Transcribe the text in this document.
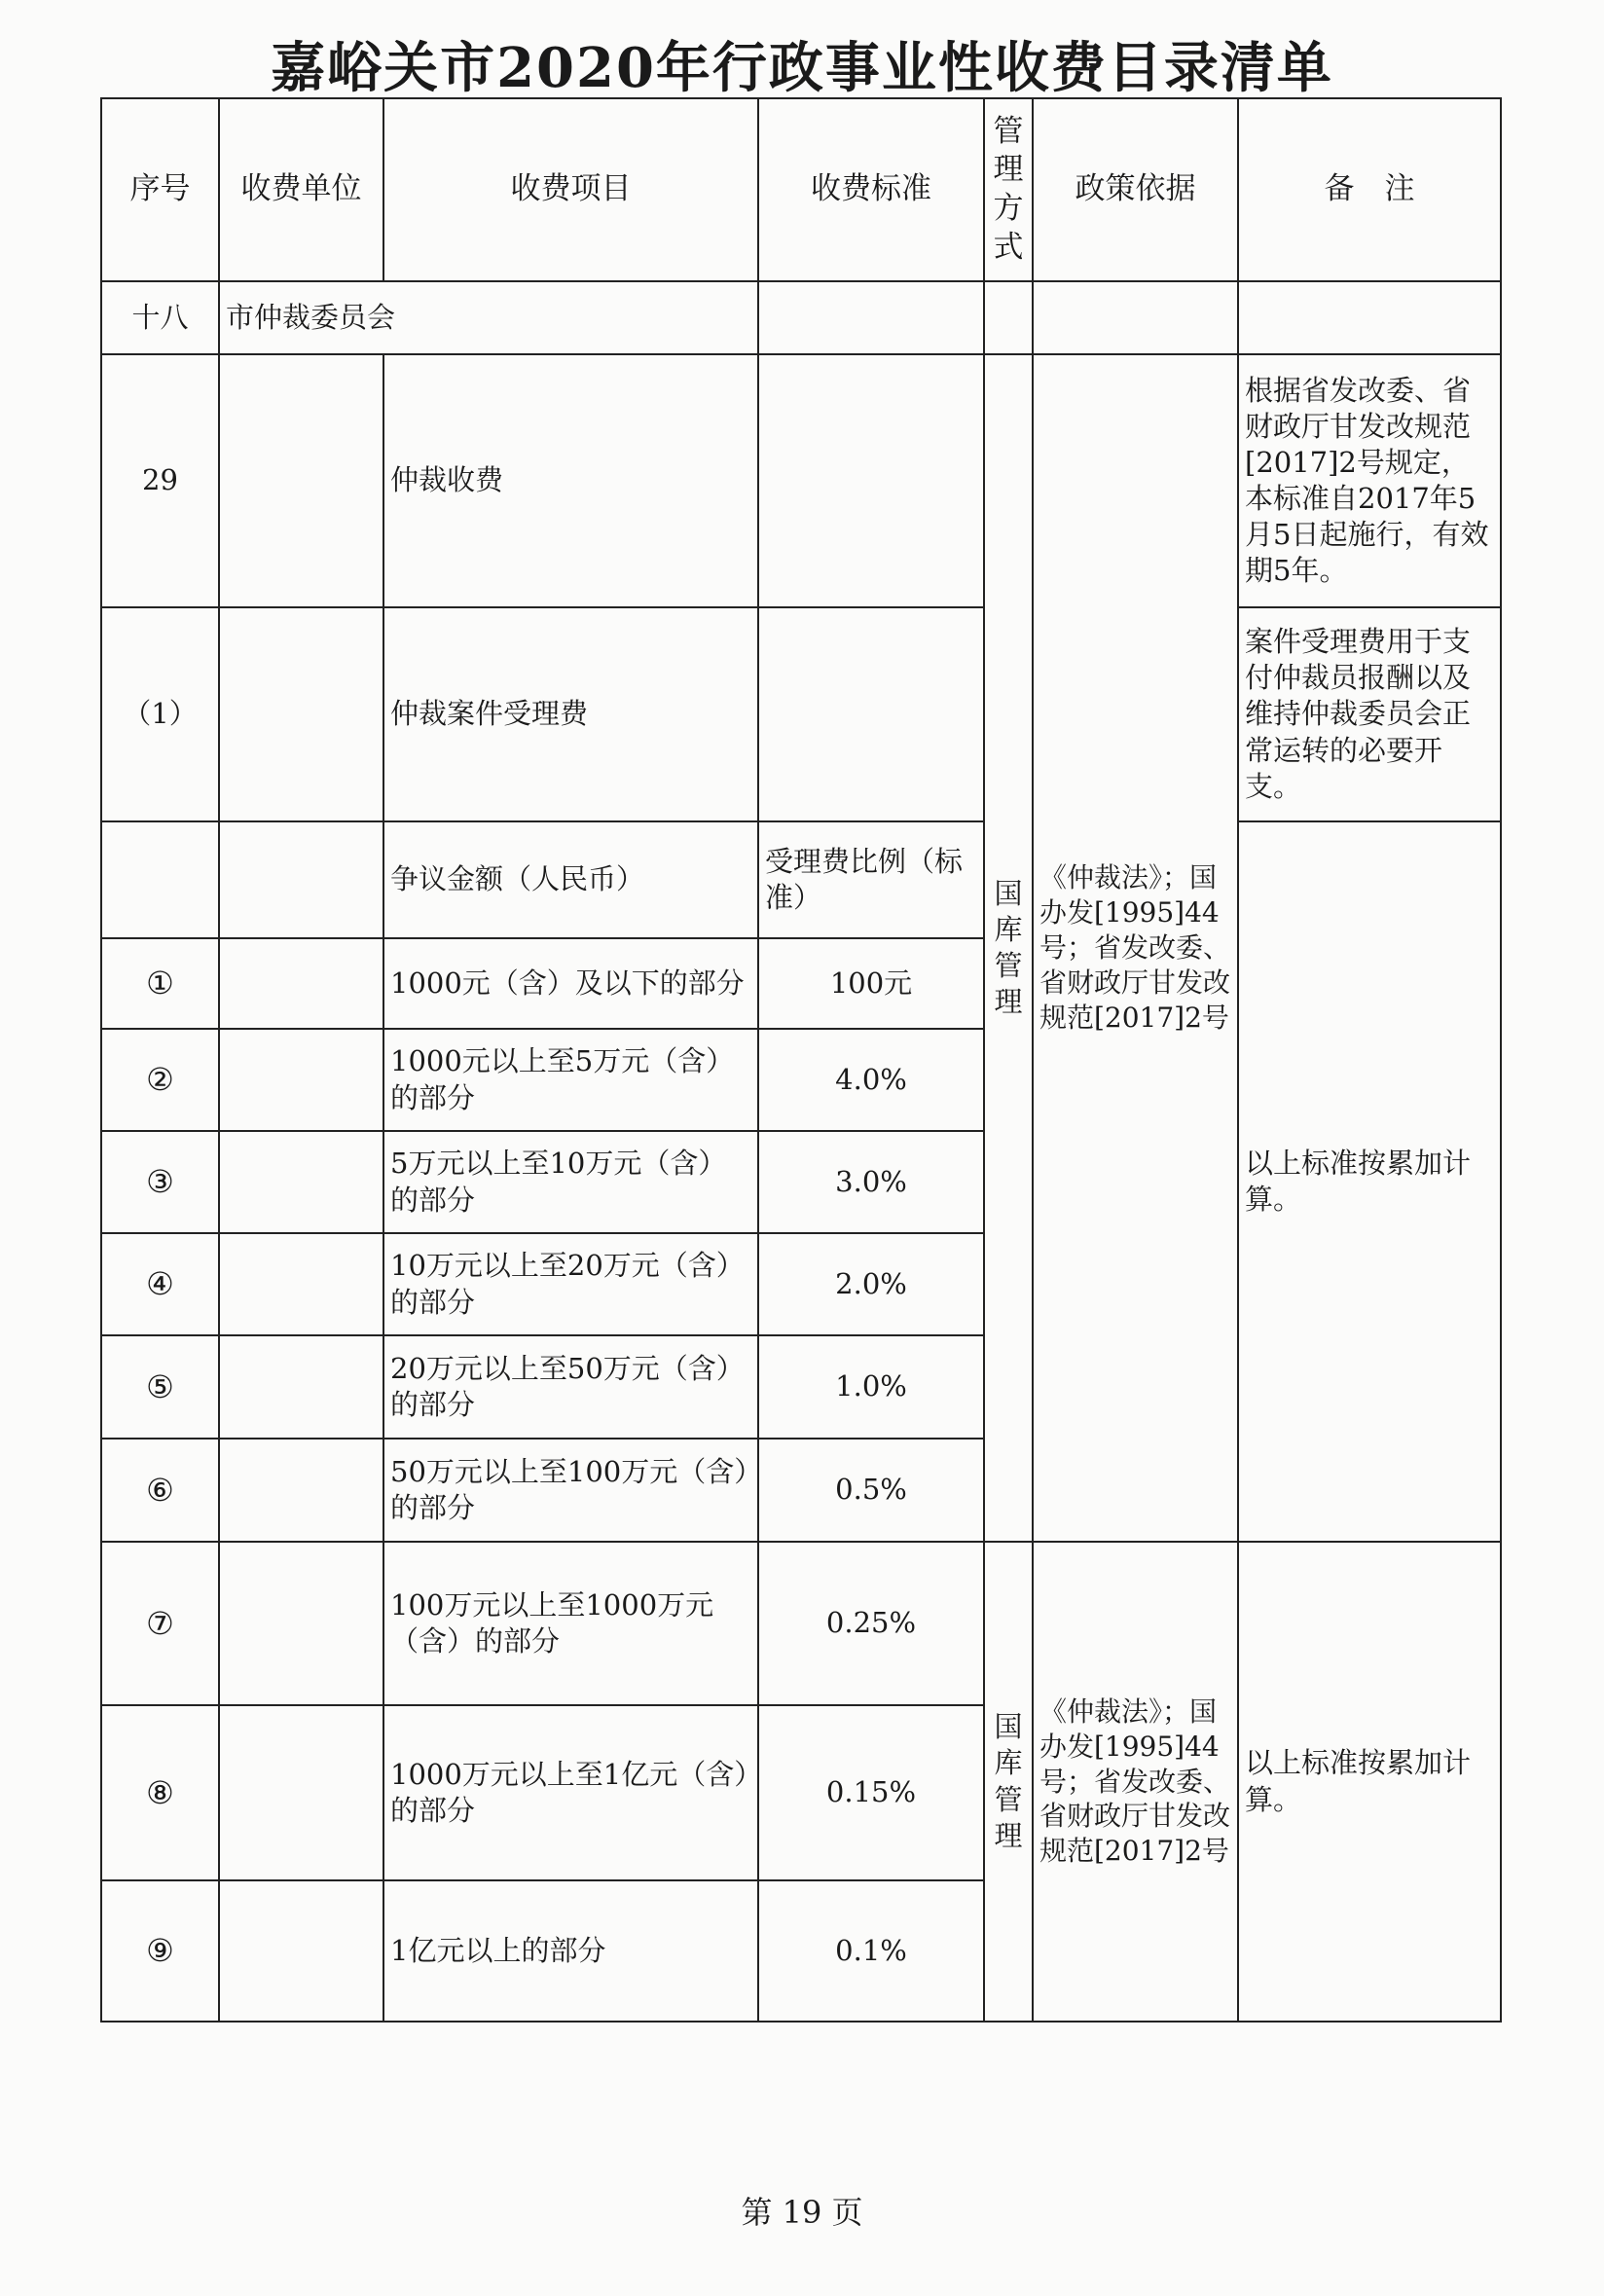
嘉峪关市2020年行政事业性收费目录清单
序号	收费单位	收费项目	收费标准	管理方式	政策依据	备　注
十八	市仲裁委员会					
29		仲裁收费		国库管理	《仲裁法》；国办发[1995]44号；省发改委、省财政厅甘发改规范[2017]2号	根据省发改委、省财政厅甘发改规范[2017]2号规定，本标准自2017年5月5日起施行，有效期5年。
（1）		仲裁案件受理费				案件受理费用于支付仲裁员报酬以及维持仲裁委员会正常运转的必要开支。
		争议金额（人民币）	受理费比例（标准）			以上标准按累加计算。
①		1000元（含）及以下的部分	100元			
②		1000元以上至5万元（含）的部分	4.0%			
③		5万元以上至10万元（含）的部分	3.0%			
④		10万元以上至20万元（含）的部分	2.0%			
⑤		20万元以上至50万元（含）的部分	1.0%			
⑥		50万元以上至100万元（含）的部分	0.5%			
⑦		100万元以上至1000万元（含）的部分	0.25%	国库管理	《仲裁法》；国办发[1995]44号；省发改委、省财政厅甘发改规范[2017]2号	以上标准按累加计算。
⑧		1000万元以上至1亿元（含）的部分	0.15%			
⑨		1亿元以上的部分	0.1%			
第 19 页
